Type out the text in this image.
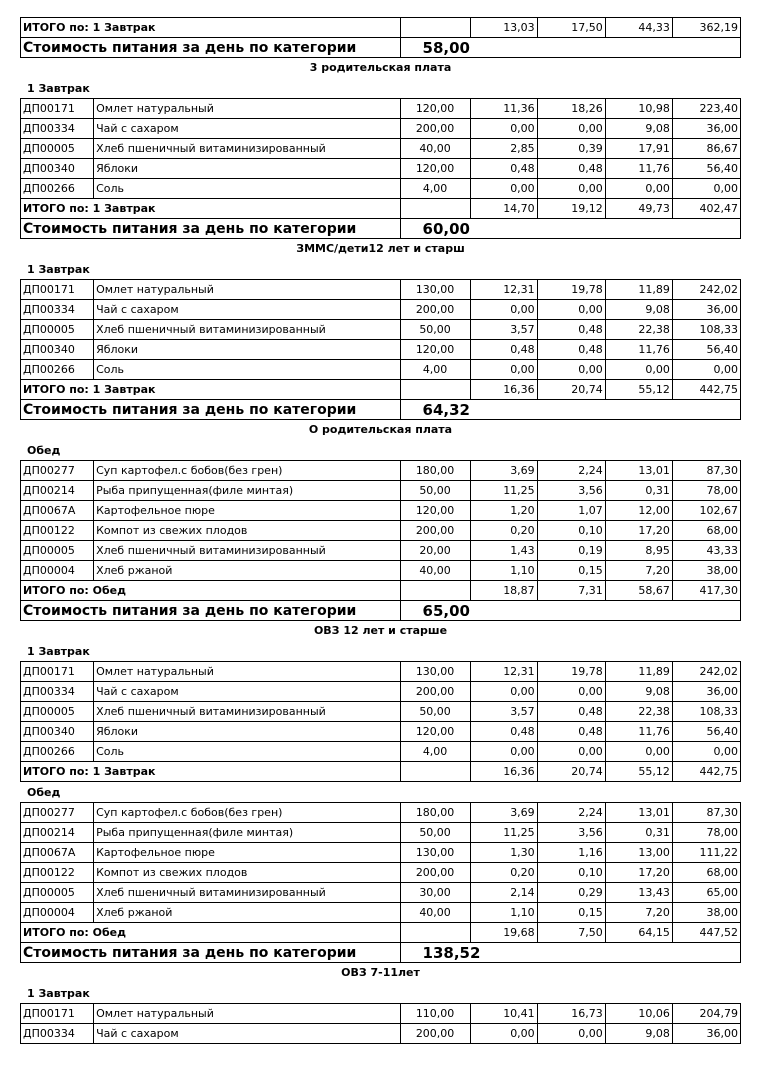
ИТОГО по: 1 Завтрак		13,03	17,50	44,33	362,19
Стоимость питания за день по категории	58,00				
3 родительская плата
1 Завтрак
ДП00171	Омлет натуральный	120,00	11,36	18,26	10,98	223,40
ДП00334	Чай с сахаром	200,00	0,00	0,00	9,08	36,00
ДП00005	Хлеб пшеничный витаминизированный	40,00	2,85	0,39	17,91	86,67
ДП00340	Яблоки	120,00	0,48	0,48	11,76	56,40
ДП00266	Соль	4,00	0,00	0,00	0,00	0,00
ИТОГО по: 1 Завтрак			14,70	19,12	49,73	402,47
Стоимость питания за день по категории		60,00				
ЗММС/дети12 лет и старш
1 Завтрак
ДП00171	Омлет натуральный	130,00	12,31	19,78	11,89	242,02
ДП00334	Чай с сахаром	200,00	0,00	0,00	9,08	36,00
ДП00005	Хлеб пшеничный витаминизированный	50,00	3,57	0,48	22,38	108,33
ДП00340	Яблоки	120,00	0,48	0,48	11,76	56,40
ДП00266	Соль	4,00	0,00	0,00	0,00	0,00
ИТОГО по: 1 Завтрак			16,36	20,74	55,12	442,75
Стоимость питания за день по категории		64,32				
О родительская плата
Обед
ДП00277	Суп картофел.с бобов(без грен)	180,00	3,69	2,24	13,01	87,30
ДП00214	Рыба припущенная(филе минтая)	50,00	11,25	3,56	0,31	78,00
ДП0067А	Картофельное пюре	120,00	1,20	1,07	12,00	102,67
ДП00122	Компот из свежих плодов	200,00	0,20	0,10	17,20	68,00
ДП00005	Хлеб пшеничный витаминизированный	20,00	1,43	0,19	8,95	43,33
ДП00004	Хлеб ржаной	40,00	1,10	0,15	7,20	38,00
ИТОГО по: Обед			18,87	7,31	58,67	417,30
Стоимость питания за день по категории		65,00				
ОВЗ 12 лет и старше
1 Завтрак
ДП00171	Омлет натуральный	130,00	12,31	19,78	11,89	242,02
ДП00334	Чай с сахаром	200,00	0,00	0,00	9,08	36,00
ДП00005	Хлеб пшеничный витаминизированный	50,00	3,57	0,48	22,38	108,33
ДП00340	Яблоки	120,00	0,48	0,48	11,76	56,40
ДП00266	Соль	4,00	0,00	0,00	0,00	0,00
ИТОГО по: 1 Завтрак			16,36	20,74	55,12	442,75
Обед
ДП00277	Суп картофел.с бобов(без грен)	180,00	3,69	2,24	13,01	87,30
ДП00214	Рыба припущенная(филе минтая)	50,00	11,25	3,56	0,31	78,00
ДП0067А	Картофельное пюре	130,00	1,30	1,16	13,00	111,22
ДП00122	Компот из свежих плодов	200,00	0,20	0,10	17,20	68,00
ДП00005	Хлеб пшеничный витаминизированный	30,00	2,14	0,29	13,43	65,00
ДП00004	Хлеб ржаной	40,00	1,10	0,15	7,20	38,00
ИТОГО по: Обед			19,68	7,50	64,15	447,52
Стоимость питания за день по категории		138,52				
ОВЗ 7-11лет
1 Завтрак
ДП00171	Омлет натуральный	110,00	10,41	16,73	10,06	204,79
ДП00334	Чай с сахаром	200,00	0,00	0,00	9,08	36,00
